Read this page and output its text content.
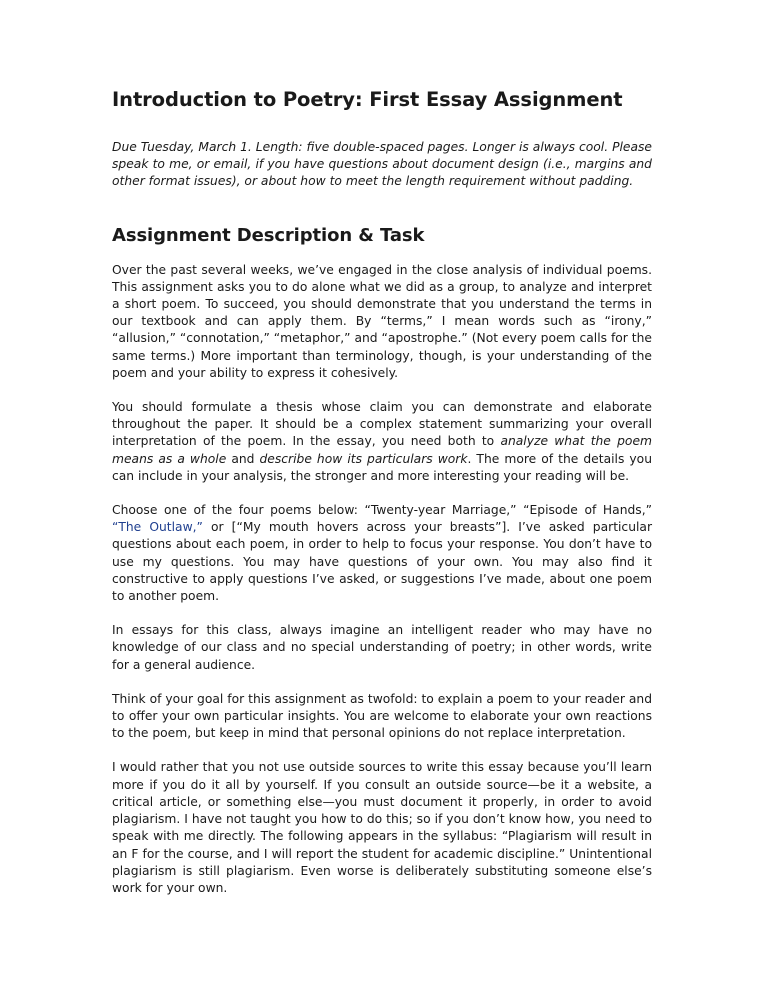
Introduction to Poetry: First Essay Assignment

Due Tuesday, March 1. Length: five double-spaced pages. Longer is always cool. Please speak to me, or email, if you have questions about document design (i.e., margins and other format issues), or about how to meet the length requirement without padding.

Assignment Description & Task

Over the past several weeks, we’ve engaged in the close analysis of individual poems. This assignment asks you to do alone what we did as a group, to analyze and interpret a short poem. To succeed, you should demonstrate that you understand the terms in our textbook and can apply them. By “terms,” I mean words such as “irony,” “allusion,” “connotation,” “metaphor,” and “apostrophe.” (Not every poem calls for the same terms.) More important than terminology, though, is your understanding of the poem and your ability to express it cohesively.

You should formulate a thesis whose claim you can demonstrate and elaborate throughout the paper. It should be a complex statement summarizing your overall interpretation of the poem. In the essay, you need both to analyze what the poem means as a whole and describe how its particulars work. The more of the details you can include in your analysis, the stronger and more interesting your reading will be.

Choose one of the four poems below: “Twenty-year Marriage,” “Episode of Hands,” “The Outlaw,” or [“My mouth hovers across your breasts”]. I’ve asked particular questions about each poem, in order to help to focus your response. You don’t have to use my questions. You may have questions of your own. You may also find it constructive to apply questions I’ve asked, or suggestions I’ve made, about one poem to another poem.

In essays for this class, always imagine an intelligent reader who may have no knowledge of our class and no special understanding of poetry; in other words, write for a general audience.

Think of your goal for this assignment as twofold: to explain a poem to your reader and to offer your own particular insights. You are welcome to elaborate your own reactions to the poem, but keep in mind that personal opinions do not replace interpretation.

I would rather that you not use outside sources to write this essay because you’ll learn more if you do it all by yourself. If you consult an outside source—be it a website, a critical article, or something else—you must document it properly, in order to avoid plagiarism. I have not taught you how to do this; so if you don’t know how, you need to speak with me directly. The following appears in the syllabus: “Plagiarism will result in an F for the course, and I will report the student for academic discipline.” Unintentional plagiarism is still plagiarism. Even worse is deliberately substituting someone else’s work for your own.
